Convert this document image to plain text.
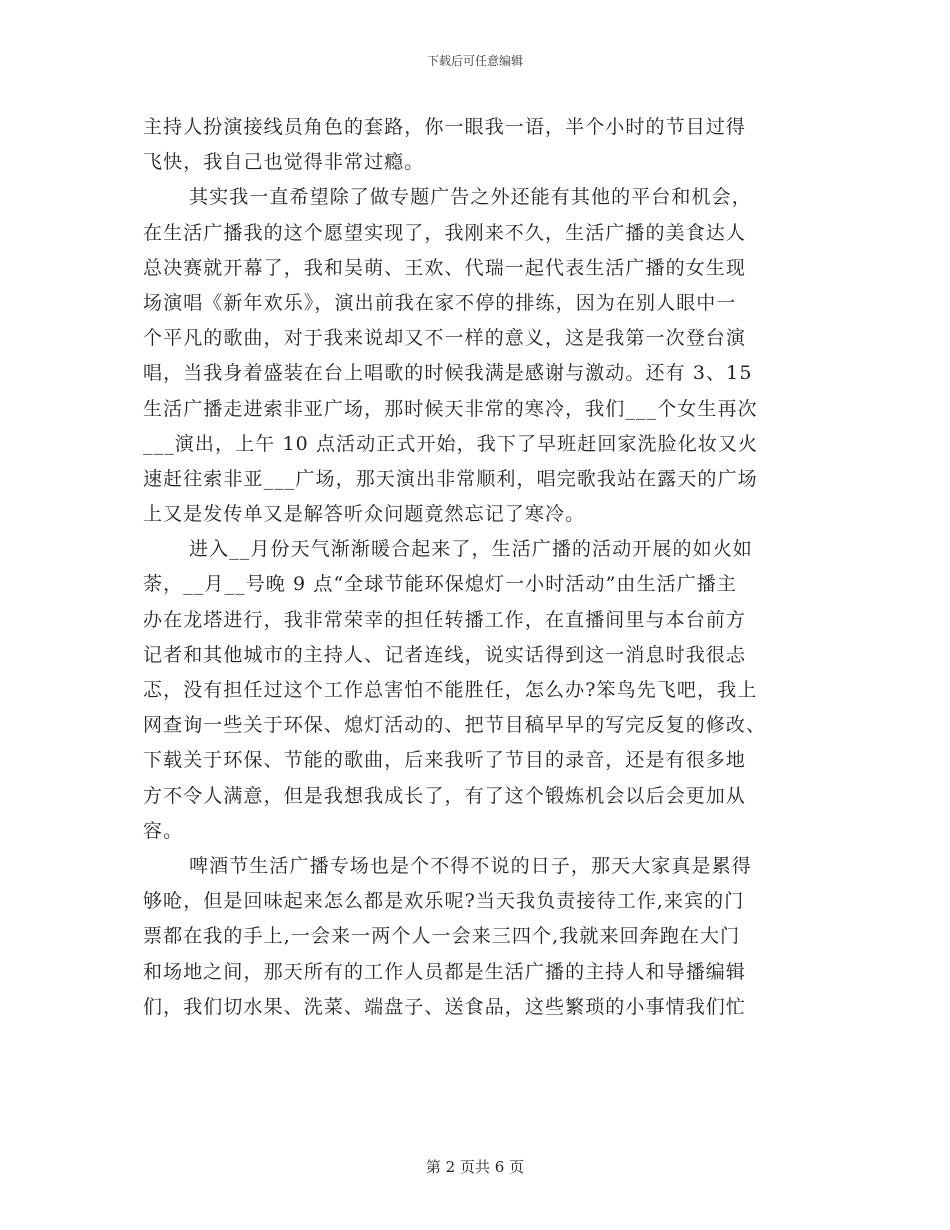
下载后可任意编辑
主持人扮演接线员角色的套路，你一眼我一语，半个小时的节目过得
飞快，我自己也觉得非常过瘾。
其实我一直希望除了做专题广告之外还能有其他的平台和机会，
在生活广播我的这个愿望实现了，我刚来不久，生活广播的美食达人
总决赛就开幕了，我和吴萌、王欢、代瑞一起代表生活广播的女生现
场演唱《新年欢乐》，演出前我在家不停的排练，因为在别人眼中一
个平凡的歌曲，对于我来说却又不一样的意义，这是我第一次登台演
唱，当我身着盛装在台上唱歌的时候我满是感谢与激动。还有 3、15
生活广播走进索非亚广场，那时候天非常的寒冷，我们___个女生再次
___演出，上午 10 点活动正式开始，我下了早班赶回家洗脸化妆又火
速赶往索非亚___广场，那天演出非常顺利，唱完歌我站在露天的广场
上又是发传单又是解答听众问题竟然忘记了寒冷。
进入__月份天气渐渐暖合起来了，生活广播的活动开展的如火如
荼，__月__号晚 9 点“全球节能环保熄灯一小时活动”由生活广播主
办在龙塔进行，我非常荣幸的担任转播工作，在直播间里与本台前方
记者和其他城市的主持人、记者连线，说实话得到这一消息时我很忐
忑，没有担任过这个工作总害怕不能胜任，怎么办?笨鸟先飞吧，我上
网查询一些关于环保、熄灯活动的、把节目稿早早的写完反复的修改、
下载关于环保、节能的歌曲，后来我听了节目的录音，还是有很多地
方不令人满意，但是我想我成长了，有了这个锻炼机会以后会更加从
容。
啤酒节生活广播专场也是个不得不说的日子，那天大家真是累得
够呛，但是回味起来怎么都是欢乐呢?当天我负责接待工作,来宾的门
票都在我的手上,一会来一两个人一会来三四个,我就来回奔跑在大门
和场地之间，那天所有的工作人员都是生活广播的主持人和导播编辑
们，我们切水果、洗菜、端盘子、送食品，这些繁琐的小事情我们忙
第 2 页共 6 页
